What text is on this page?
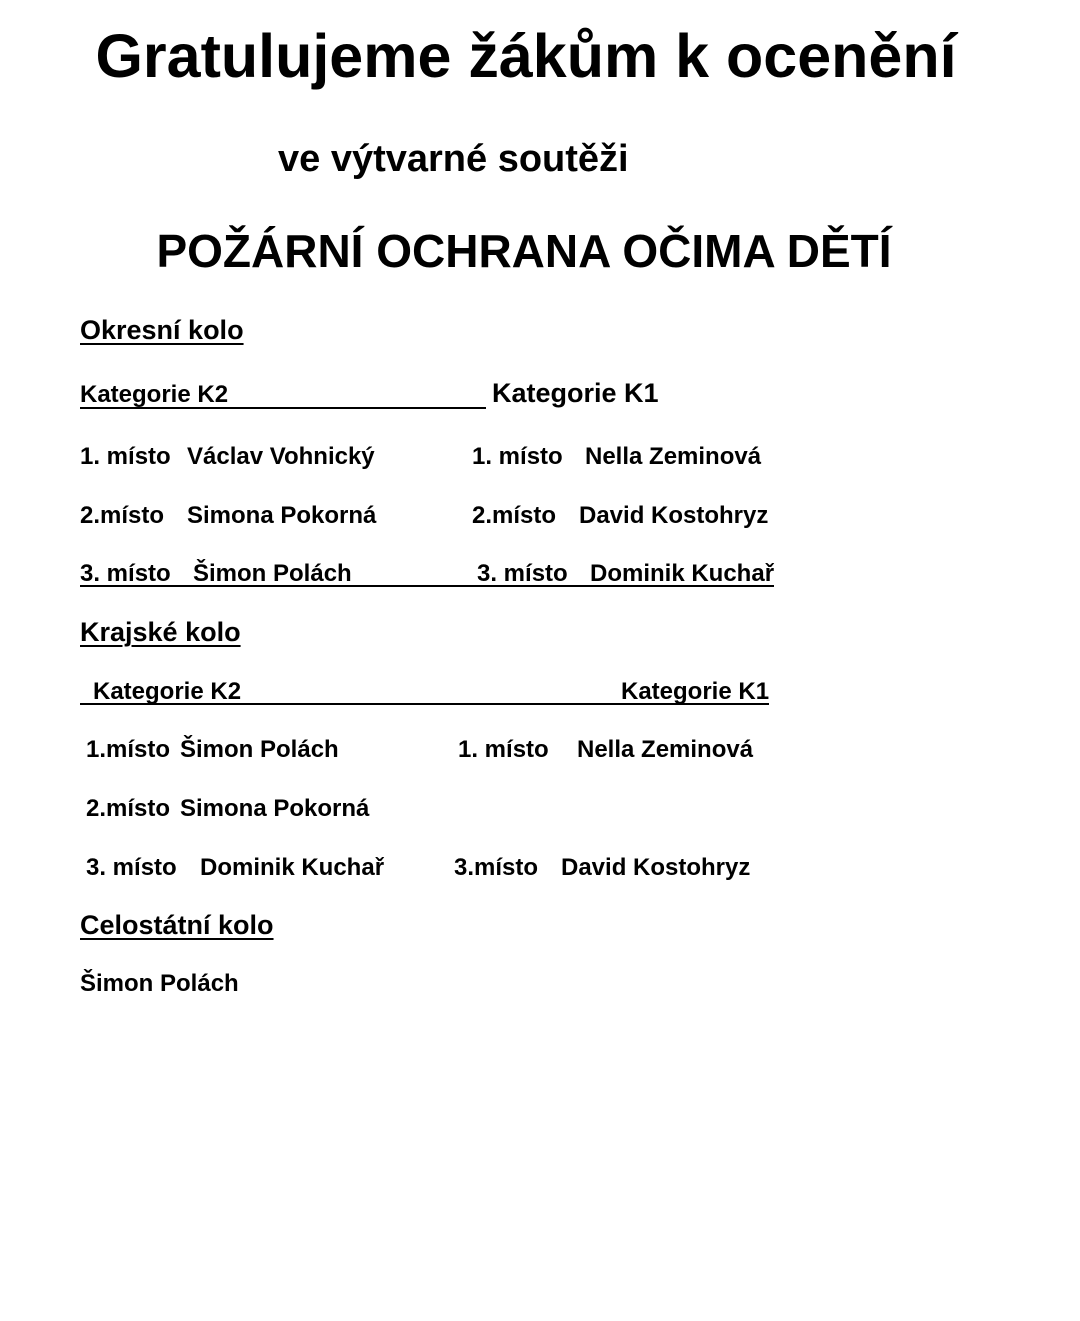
Gratulujeme žákům k ocenění
ve výtvarné soutěži
POŽÁRNÍ OCHRANA OČIMA DĚTÍ
Okresní kolo
Kategorie K2	Kategorie K1
1. místo Václav Vohnický	1. místo Nella Zeminová
2.místo Simona Pokorná	2.místo David Kostohryz
3. místo Šimon Polách	3. místo Dominik Kuchař
Krajské kolo
Kategorie K2	Kategorie K1
1.místo Šimon Polách	1. místo Nella Zeminová
2.místo Simona Pokorná
3. místo Dominik Kuchař	3.místo David Kostohryz
Celostátní kolo
Šimon Polách
